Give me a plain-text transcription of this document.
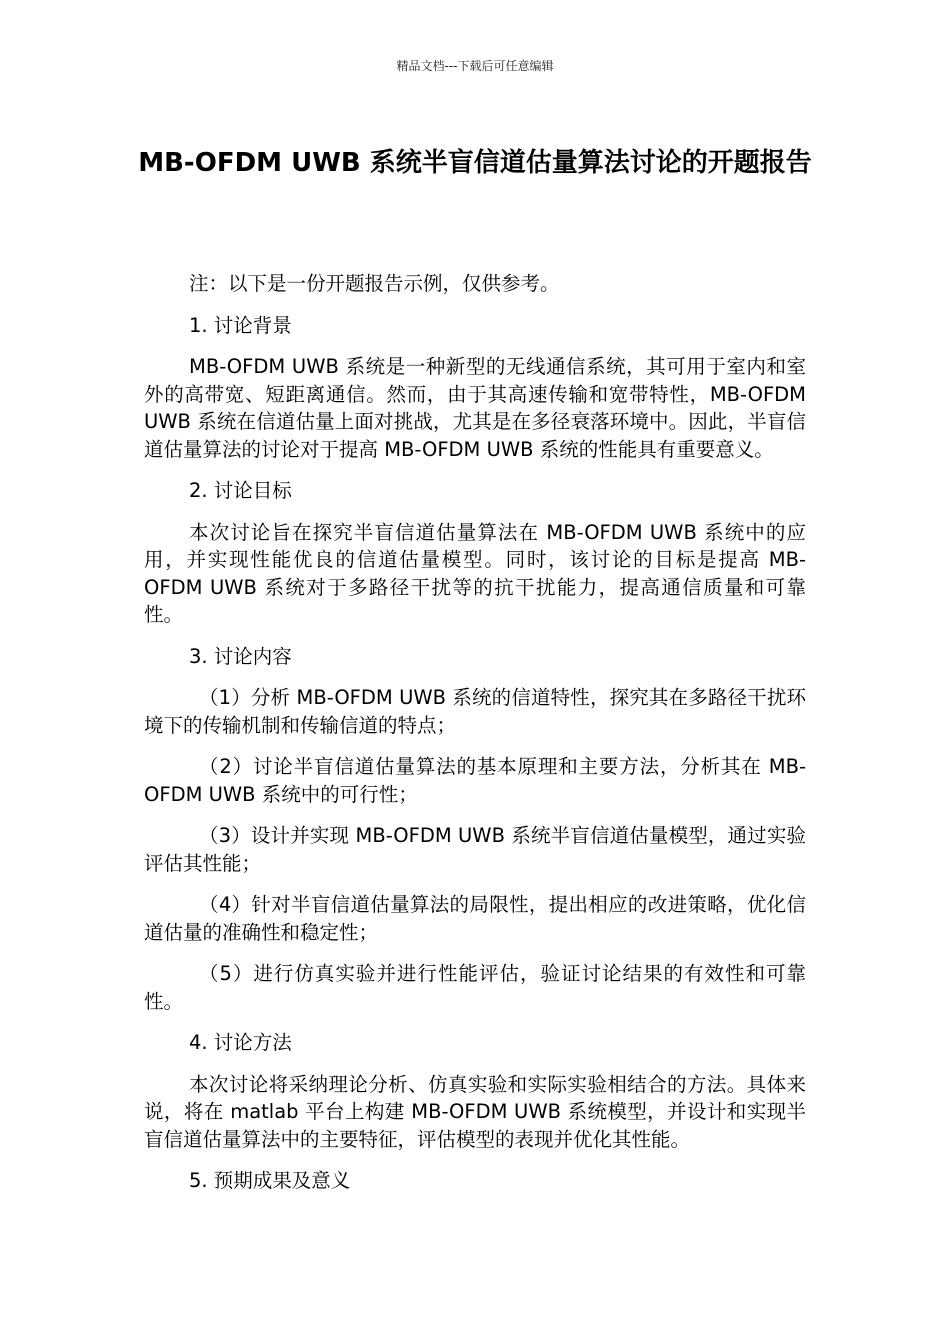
精品文档---下载后可任意编辑
MB-OFDM UWB 系统半盲信道估量算法讨论的开题报告

注：以下是一份开题报告示例，仅供参考。

1. 讨论背景

MB-OFDM UWB 系统是一种新型的无线通信系统，其可用于室内和室外的高带宽、短距离通信。然而，由于其高速传输和宽带特性，MB-OFDM UWB 系统在信道估量上面对挑战，尤其是在多径衰落环境中。因此，半盲信道估量算法的讨论对于提高 MB-OFDM UWB 系统的性能具有重要意义。

2. 讨论目标

本次讨论旨在探究半盲信道估量算法在 MB-OFDM UWB 系统中的应用，并实现性能优良的信道估量模型。同时，该讨论的目标是提高 MB-OFDM UWB 系统对于多路径干扰等的抗干扰能力，提高通信质量和可靠性。

3. 讨论内容

（1）分析 MB-OFDM UWB 系统的信道特性，探究其在多路径干扰环境下的传输机制和传输信道的特点；

（2）讨论半盲信道估量算法的基本原理和主要方法，分析其在 MB-OFDM UWB 系统中的可行性；

（3）设计并实现 MB-OFDM UWB 系统半盲信道估量模型，通过实验评估其性能；

（4）针对半盲信道估量算法的局限性，提出相应的改进策略，优化信道估量的准确性和稳定性；

（5）进行仿真实验并进行性能评估，验证讨论结果的有效性和可靠性。

4. 讨论方法

本次讨论将采纳理论分析、仿真实验和实际实验相结合的方法。具体来说，将在 matlab 平台上构建 MB-OFDM UWB 系统模型，并设计和实现半盲信道估量算法中的主要特征，评估模型的表现并优化其性能。

5. 预期成果及意义
